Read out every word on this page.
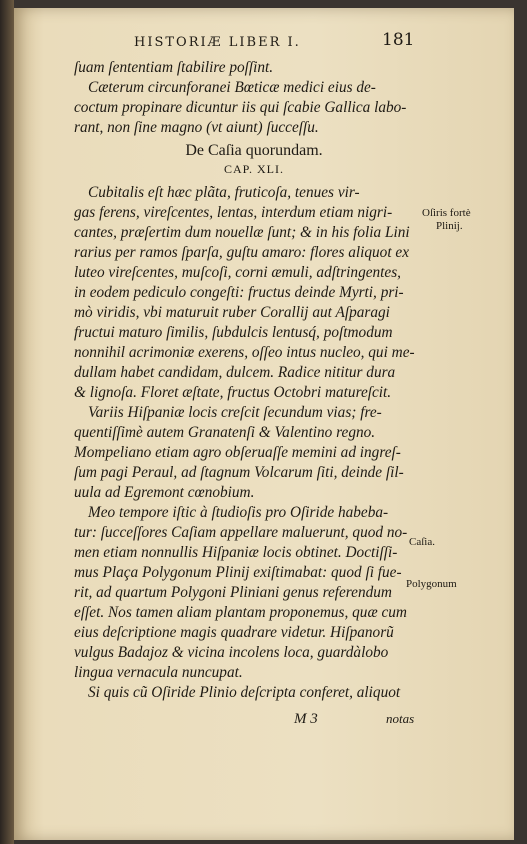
HISTORIÆ LIBER I.	181
ſuam ſententiam ſtabilire poſſint.
Cæterum circunforanei Bœticæ medici eius de-
coctum propinare dicuntur iis qui ſcabie Gallica labo-
rant, non ſine magno (vt aiunt) ſucceſſu.
De Caſia quorundam.
CAP. XLI.
Cubitalis eſt hæc plãta, fruticoſa, tenues vir-
gas ferens, vireſcentes, lentas, interdum etiam nigri-
cantes, præſertim dum nouellæ ſunt; & in his folia Lini
rarius per ramos ſparſa, guſtu amaro: flores aliquot ex
luteo vireſcentes, muſcoſi, corni æmuli, adſtringentes,
in eodem pediculo congeſti: fructus deinde Myrti, pri-
mò viridis, vbi maturuit ruber Corallij aut Aſparagi
fructui maturo ſimilis, ſubdulcis lentusq́, poſtmodum
nonnihil acrimoniæ exerens, oſſeo intus nucleo, qui me-
dullam habet candidam, dulcem. Radice nititur dura
& lignoſa. Floret æſtate, fructus Octobri matureſcit.
Variis Hiſpaniæ locis creſcit ſecundum vias; fre-
quentiſſimè autem Granatenſi & Valentino regno.
Mompeliano etiam agro obſeruaſſe memini ad ingreſ-
ſum pagi Peraul, ad ſtagnum Volcarum ſiti, deinde ſil-
uula ad Egremont cœnobium.
Meo tempore iſtic à ſtudioſis pro Oſiride habeba-
tur: ſucceſſores Caſiam appellare maluerunt, quod no-
men etiam nonnullis Hiſpaniæ locis obtinet. Doctiſſi-
mus Plaça Polygonum Plinij exiſtimabat: quod ſi fue-
rit, ad quartum Polygoni Pliniani genus referendum
eſſet. Nos tamen aliam plantam proponemus, quæ cum
eius deſcriptione magis quadrare videtur. Hiſpanorũ
vulgus Badajoz & vicina incolens loca, guardàlobo
lingua vernacula nuncupat.
Si quis cũ Oſiride Plinio deſcripta conferet, aliquot
Oſiris fortè
Plinij.
Caſia.
Polygonum
M 3	notas
